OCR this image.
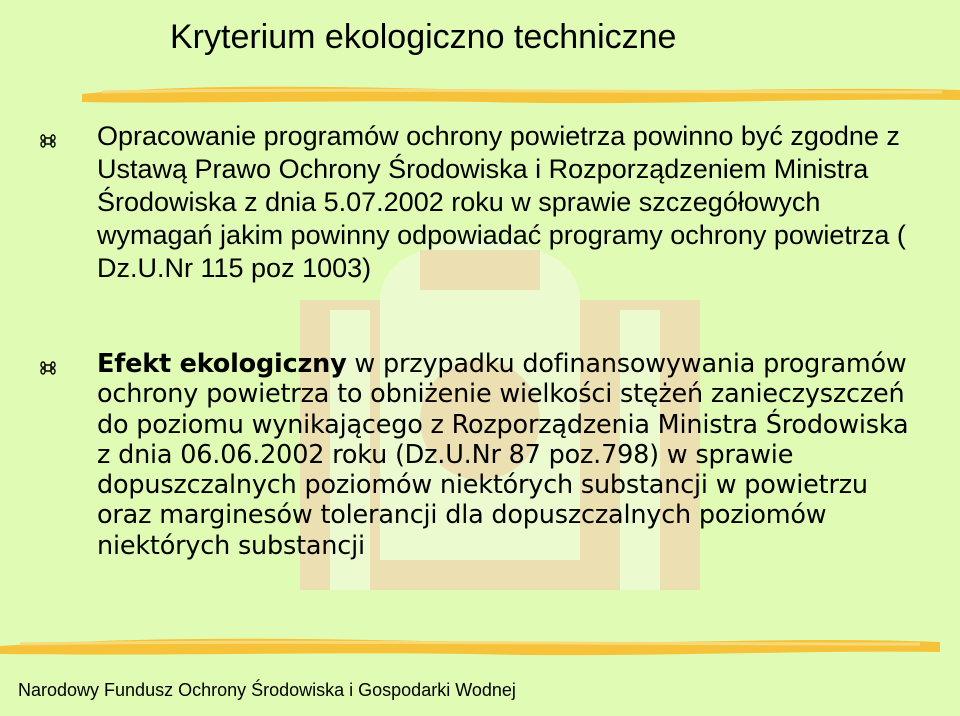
Kryterium ekologiczno techniczne
Opracowanie programów ochrony powietrza powinno być zgodne z Ustawą Prawo Ochrony Środowiska i Rozporządzeniem Ministra Środowiska z dnia 5.07.2002 roku w sprawie szczegółowych wymagań jakim powinny odpowiadać programy ochrony powietrza ( Dz.U.Nr 115 poz 1003)
Efekt ekologiczny w przypadku dofinansowywania programów ochrony powietrza to obniżenie wielkości stężeń zanieczyszczeń do poziomu wynikającego z Rozporządzenia Ministra Środowiska z dnia 06.06.2002 roku (Dz.U.Nr 87 poz.798) w sprawie dopuszczalnych poziomów niektórych substancji w powietrzu oraz marginesów tolerancji dla dopuszczalnych poziomów niektórych substancji
Narodowy Fundusz Ochrony Środowiska i Gospodarki Wodnej
